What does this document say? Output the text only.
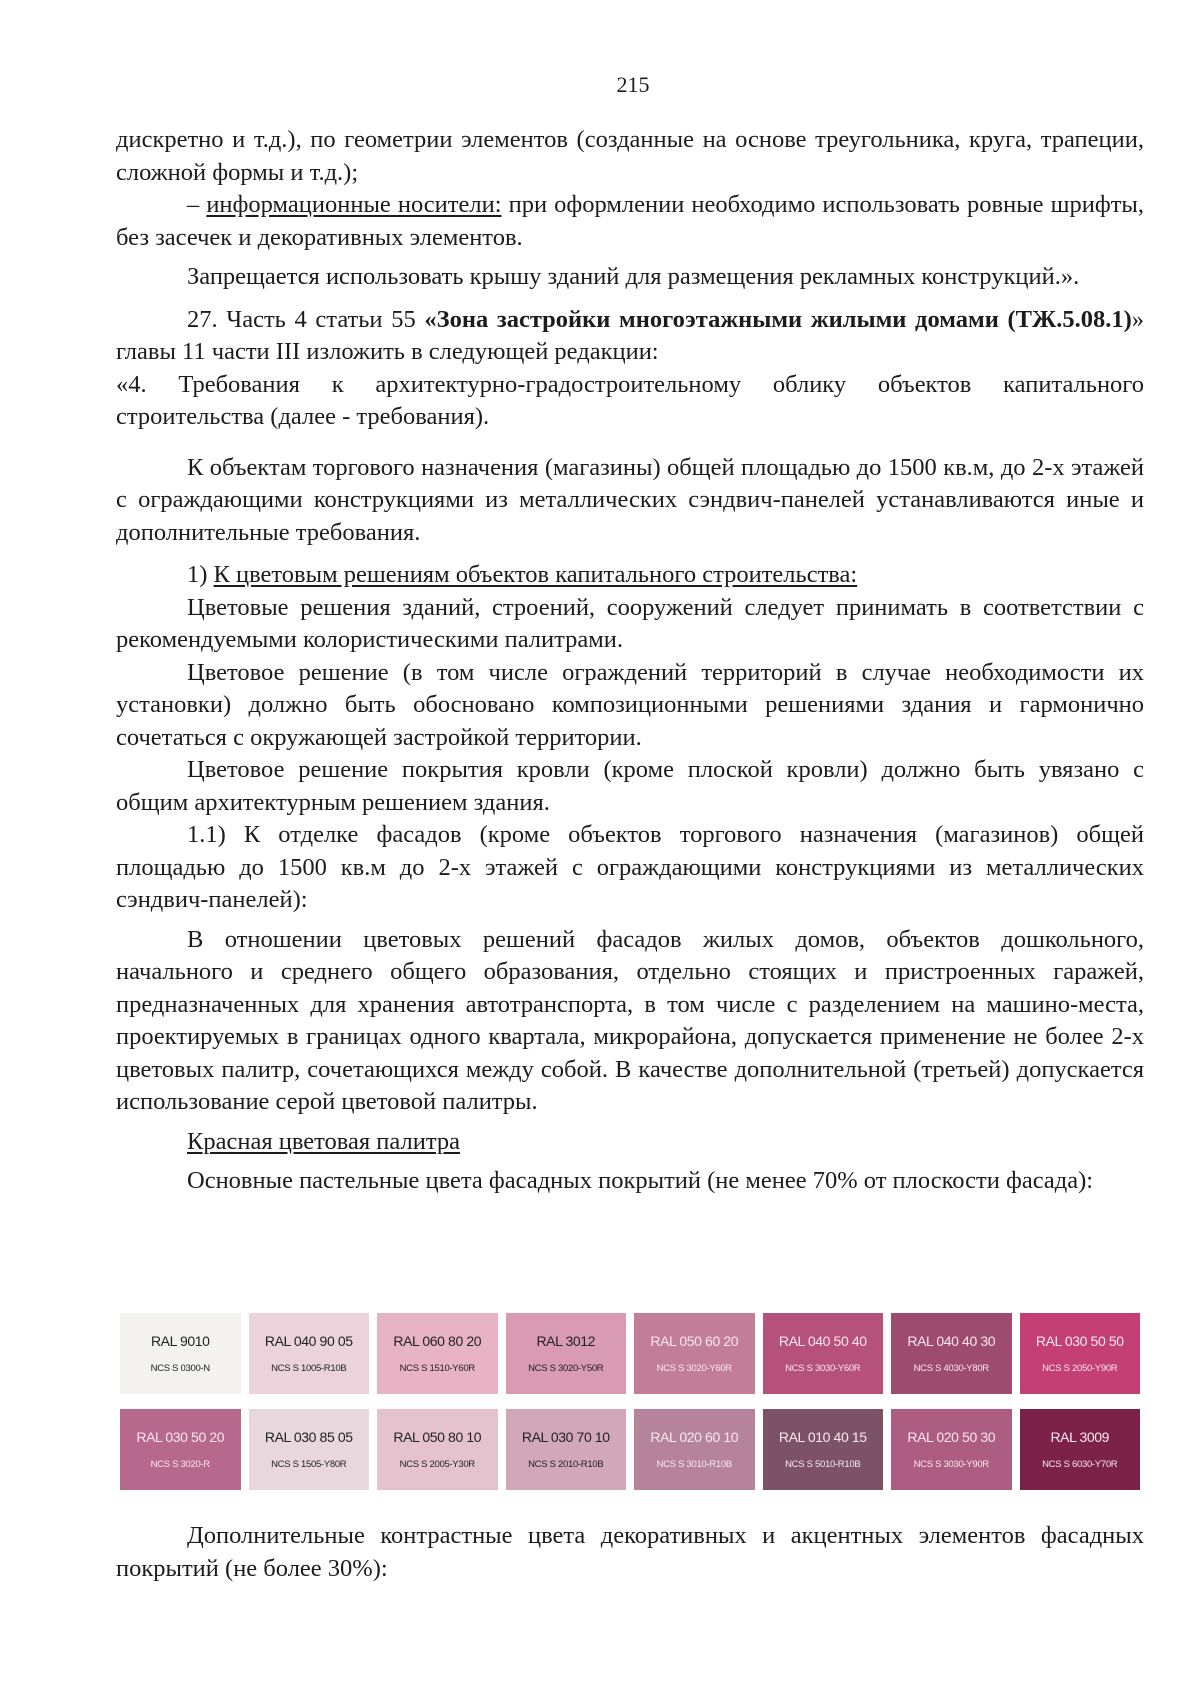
215

дискретно и т.д.), по геометрии элементов (созданные на основе треугольника, круга, трапеции, сложной формы и т.д.);

– информационные носители: при оформлении необходимо использовать ровные шрифты, без засечек и декоративных элементов.

Запрещается использовать крышу зданий для размещения рекламных конструкций.».

27. Часть 4 статьи 55 «Зона застройки многоэтажными жилыми домами (ТЖ.5.08.1)» главы 11 части III изложить в следующей редакции:

«4. Требования к архитектурно-градостроительному облику объектов капитального строительства (далее - требования).

К объектам торгового назначения (магазины) общей площадью до 1500 кв.м, до 2-х этажей с ограждающими конструкциями из металлических сэндвич-панелей устанавливаются иные и дополнительные требования.

1) К цветовым решениям объектов капитального строительства:

Цветовые решения зданий, строений, сооружений следует принимать в соответствии с рекомендуемыми колористическими палитрами.

Цветовое решение (в том числе ограждений территорий в случае необходимости их установки) должно быть обосновано композиционными решениями здания и гармонично сочетаться с окружающей застройкой территории.

Цветовое решение покрытия кровли (кроме плоской кровли) должно быть увязано с общим архитектурным решением здания.

1.1) К отделке фасадов (кроме объектов торгового назначения (магазинов) общей площадью до 1500 кв.м до 2-х этажей с ограждающими конструкциями из металлических сэндвич-панелей):

В отношении цветовых решений фасадов жилых домов, объектов дошкольного, начального и среднего общего образования, отдельно стоящих и пристроенных гаражей, предназначенных для хранения автотранспорта, в том числе с разделением на машино-места, проектируемых в границах одного квартала, микрорайона, допускается применение не более 2-х цветовых палитр, сочетающихся между собой. В качестве дополнительной (третьей) допускается использование серой цветовой палитры.

Красная цветовая палитра

Основные пастельные цвета фасадных покрытий (не менее 70% от плоскости фасада):

RAL 9010
NCS S 0300-N
RAL 040 90 05
NCS S 1005-R10B
RAL 060 80 20
NCS S 1510-Y60R
RAL 3012
NCS S 3020-Y50R
RAL 050 60 20
NCS S 3020-Y60R
RAL 040 50 40
NCS S 3030-Y60R
RAL 040 40 30
NCS S 4030-Y80R
RAL 030 50 50
NCS S 2050-Y90R
RAL 030 50 20
NCS S 3020-R
RAL 030 85 05
NCS S 1505-Y80R
RAL 050 80 10
NCS S 2005-Y30R
RAL 030 70 10
NCS S 2010-R10B
RAL 020 60 10
NCS S 3010-R10B
RAL 010 40 15
NCS S 5010-R10B
RAL 020 50 30
NCS S 3030-Y90R
RAL 3009
NCS S 6030-Y70R

Дополнительные контрастные цвета декоративных и акцентных элементов фасадных покрытий (не более 30%):
